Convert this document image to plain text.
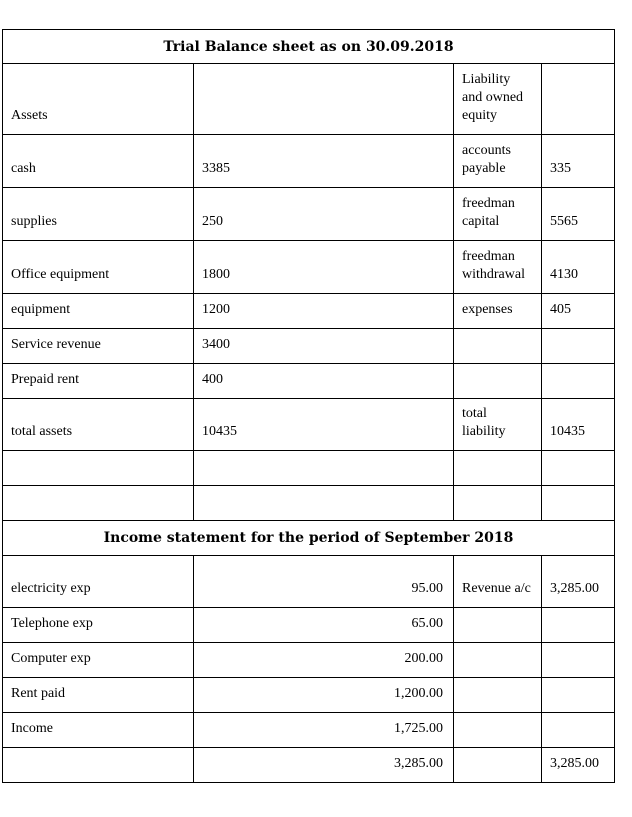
Trial Balance sheet as on 30.09.2018			
Assets		Liability and owned equity	
cash	3385	accounts payable	335
supplies	250	freedman capital	5565
Office equipment	1800	freedman withdrawal	4130
equipment	1200	expenses	405
Service revenue	3400		
Prepaid rent	400		
total assets	10435	total liability	10435

Income statement for the period of September 2018			
electricity exp	95.00	Revenue a/c	3,285.00
Telephone exp	65.00		
Computer exp	200.00		
Rent paid	1,200.00		
Income	1,725.00		
	3,285.00		3,285.00
